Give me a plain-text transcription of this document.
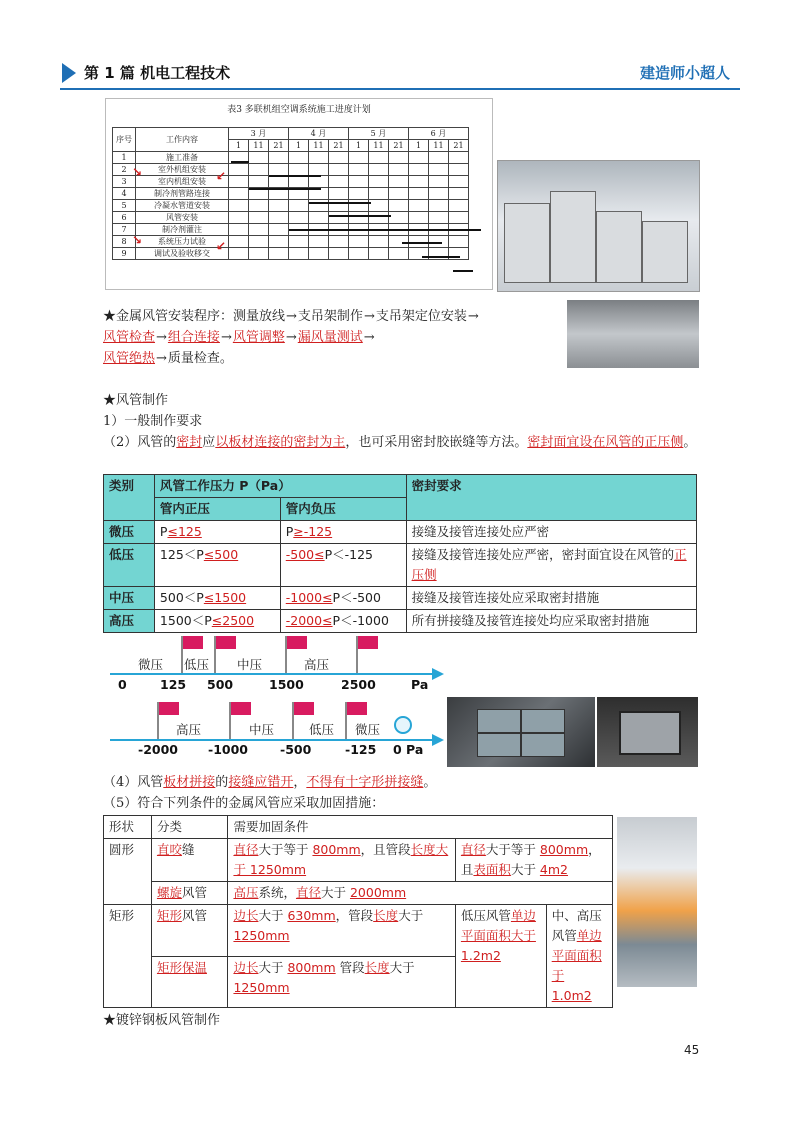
第 1 篇 机电工程技术	建造师小超人
表3 多联机组空调系统施工进度计划
序号	工作内容	3 月			4 月			5 月			6 月		
		1	11	21	1	11	21	1	11	21	1	11	21
1	施工准备												
2	室外机组安装												
3	室内机组安装												
4	制冷剂管路连接												
5	冷凝水管道安装												
6	风管安装												
7	制冷剂灌注												
8	系统压力试验												
9	调试及验收移交												
↘	↙
↘	↙
★金属风管安装程序：测量放线→支吊架制作→支吊架定位安装→
风管检查→组合连接→风管调整→漏风量测试→
风管绝热→质量检查。
★风管制作
1）一般制作要求
（2）风管的密封应以板材连接的密封为主，也可采用密封胶嵌缝等方法。密封面宜设在风管的正压侧。
类别	风管工作压力 P（Pa）		密封要求
	管内正压	管内负压	
微压	P≤125	P≥-125	接缝及接管连接处应严密
低压	125＜P≤500	-500≤P＜-125	接缝及接管连接处应严密，密封面宜设在风管的正压侧
中压	500＜P≤1500	-1000≤P＜-500	接缝及接管连接处应采取密封措施
高压	1500＜P≤2500	-2000≤P＜-1000	所有拼接缝及接管连接处均应采取密封措施
微压 低压 中压	高压
0	125 500	1500	2500	Pa
高压	中压	低压 微压
-2000 -1000	-500	-125 0 Pa
（4）风管板材拼接的接缝应错开，不得有十字形拼接缝。
（5）符合下列条件的金属风管应采取加固措施：
形状	分类	需要加固条件		
圆形	直咬缝	直径大于等于 800mm，且管段长度大于 1250mm	直径大于等于 800mm，且表面积大于 4m2	
	螺旋风管	高压系统，直径大于 2000mm		
矩形	矩形风管	边长大于 630mm，管段长度大于 1250mm	低压风管单边平面面积大于 1.2m2	中、高压风管单边平面面积于 1.0m2
	矩形保温	边长大于 800mm 管段长度大于 1250mm		
★镀锌钢板风管制作
45
